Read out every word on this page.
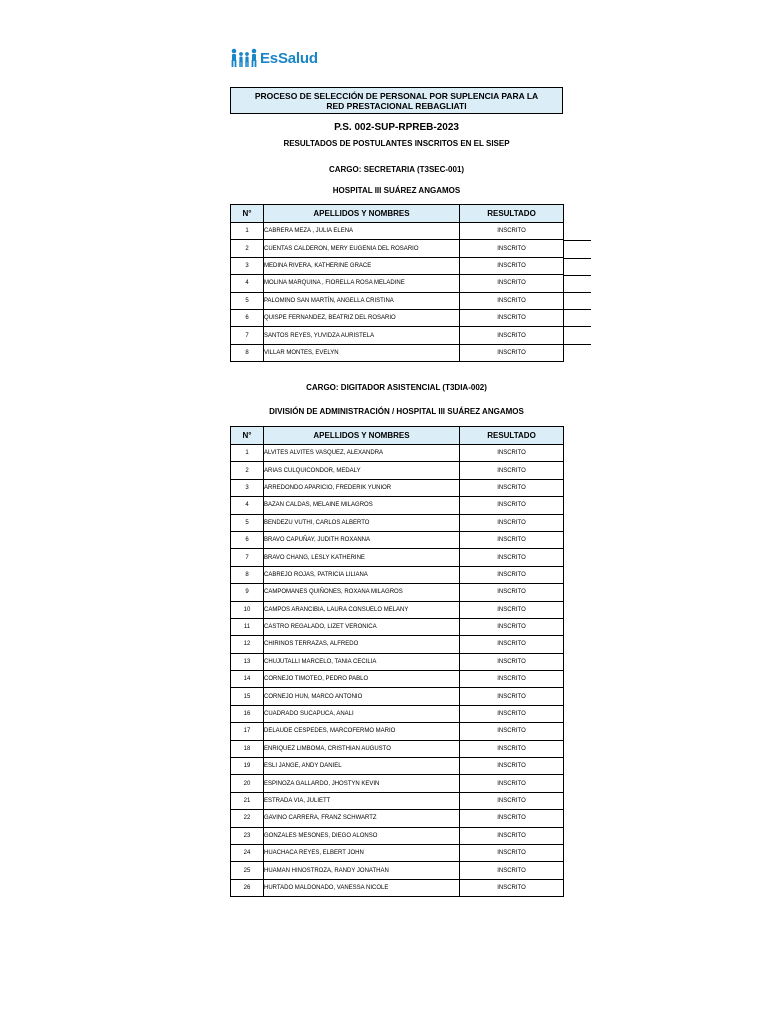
EsSalud
PROCESO DE SELECCIÓN DE PERSONAL POR SUPLENCIA PARA LA RED PRESTACIONAL REBAGLIATI
P.S. 002-SUP-RPREB-2023
RESULTADOS DE POSTULANTES INSCRITOS EN EL SISEP
CARGO: SECRETARIA (T3SEC-001)
HOSPITAL III SUÁREZ ANGAMOS
N°	APELLIDOS Y NOMBRES	RESULTADO
1	CABRERA MEZA , JULIA ELENA	INSCRITO
2	CUENTAS CALDERON, MERY EUGENIA DEL ROSARIO	INSCRITO
3	MEDINA RIVERA, KATHERINE GRACE	INSCRITO
4	MOLINA MARQUINA , FIORELLA ROSA MELADINE	INSCRITO
5	PALOMINO SAN MARTÍN, ANGELLA CRISTINA	INSCRITO
6	QUISPE FERNANDEZ, BEATRIZ DEL ROSARIO	INSCRITO
7	SANTOS REYES, YUVIDZA AURISTELA	INSCRITO
8	VILLAR MONTES, EVELYN	INSCRITO
CARGO: DIGITADOR ASISTENCIAL (T3DIA-002)
DIVISIÓN DE ADMINISTRACIÓN / HOSPITAL III SUÁREZ ANGAMOS
N°	APELLIDOS Y NOMBRES	RESULTADO
1	ALVITES ALVITES VASQUEZ, ALEXANDRA	INSCRITO
2	ARIAS CULQUICONDOR, MEDALY	INSCRITO
3	ARREDONDO APARICIO, FREDERIK YUNIOR	INSCRITO
4	BAZAN CALDAS, MELAINE MILAGROS	INSCRITO
5	BENDEZU VUTHI, CARLOS ALBERTO	INSCRITO
6	BRAVO CAPUÑAY, JUDITH ROXANNA	INSCRITO
7	BRAVO CHANG, LESLY KATHERINE	INSCRITO
8	CABREJO ROJAS, PATRICIA LILIANA	INSCRITO
9	CAMPOMANES QUIÑONES, ROXANA MILAGROS	INSCRITO
10	CAMPOS ARANCIBIA, LAURA CONSUELO MELANY	INSCRITO
11	CASTRO REGALADO, LIZET VERONICA	INSCRITO
12	CHIRINOS TERRAZAS, ALFREDO	INSCRITO
13	CHUJUTALLI MARCELO, TANIA CECILIA	INSCRITO
14	CORNEJO TIMOTEO, PEDRO PABLO	INSCRITO
15	CORNEJO HUN, MARCO ANTONIO	INSCRITO
16	CUADRADO SUCAPUCA, ANALI	INSCRITO
17	DELAUDE CESPEDES, MARCOFERMO MARIO	INSCRITO
18	ENRIQUEZ LIMBOMA, CRISTHIAN AUGUSTO	INSCRITO
19	ESLI JANGE, ANDY DANIEL	INSCRITO
20	ESPINOZA GALLARDO, JHOSTYN KEVIN	INSCRITO
21	ESTRADA VIA, JULIETT	INSCRITO
22	GAVINO CARRERA, FRANZ SCHWARTZ	INSCRITO
23	GONZALES MESONES, DIEGO ALONSO	INSCRITO
24	HUACHACA REYES, ELBERT JOHN	INSCRITO
25	HUAMAN HINOSTROZA, RANDY JONATHAN	INSCRITO
26	HURTADO MALDONADO, VANESSA NICOLE	INSCRITO
